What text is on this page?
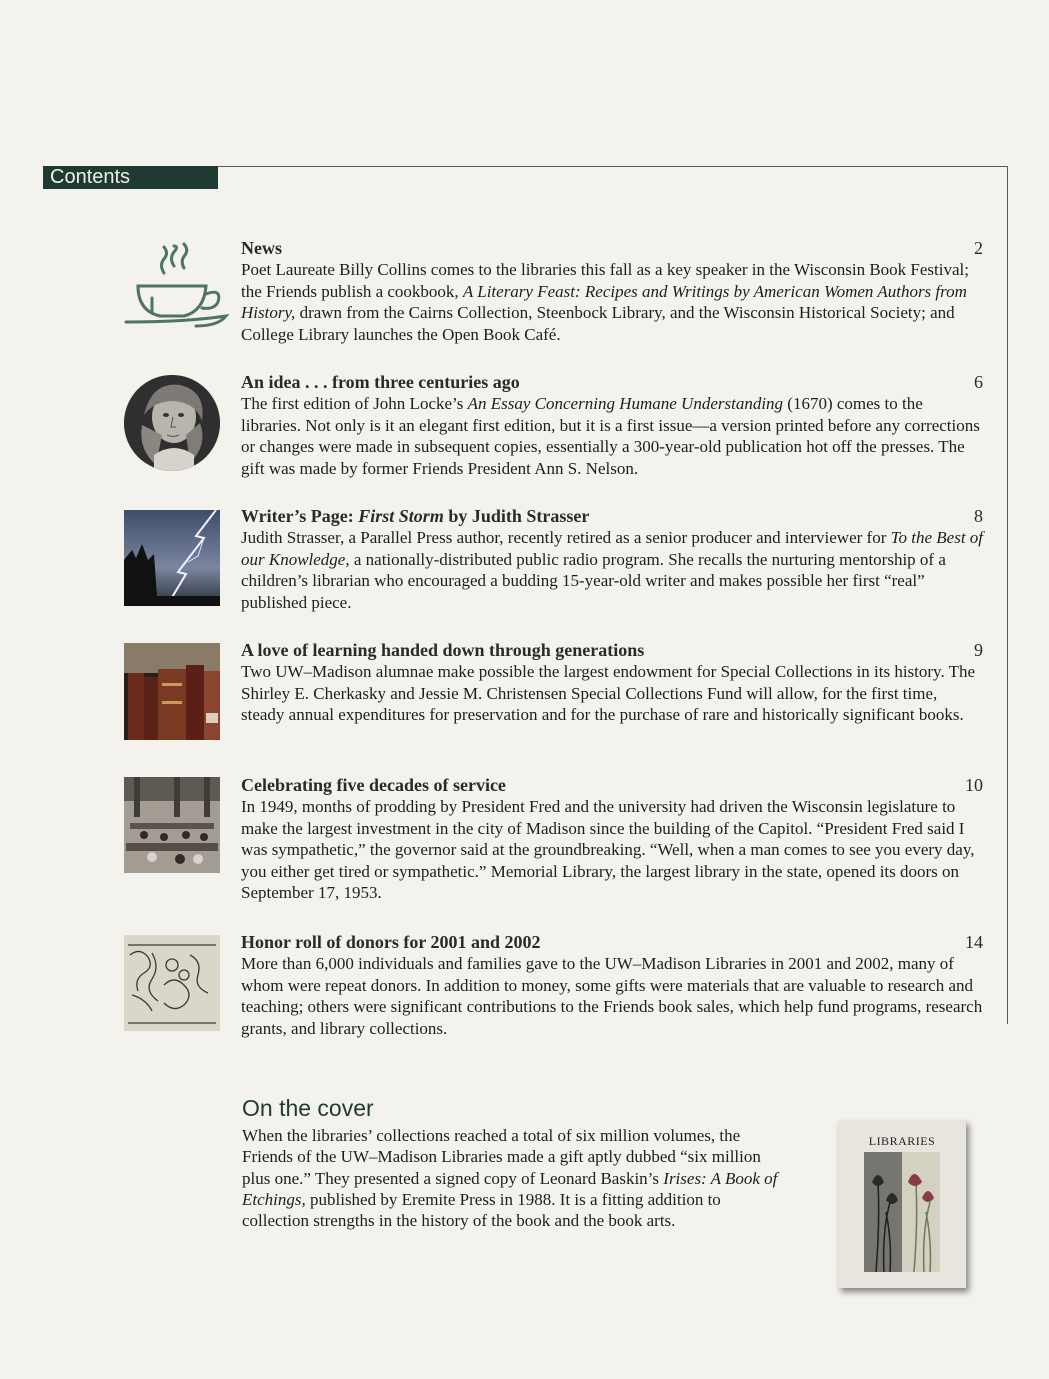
Contents
News	2
Poet Laureate Billy Collins comes to the libraries this fall as a key speaker in the Wisconsin Book Festival; the Friends publish a cookbook, A Literary Feast: Recipes and Writings by American Women Authors from History, drawn from the Cairns Collection, Steenbock Library, and the Wisconsin Historical Society; and College Library launches the Open Book Café.
An idea . . . from three centuries ago	6
The first edition of John Locke’s An Essay Concerning Humane Understanding (1670) comes to the libraries. Not only is it an elegant first edition, but it is a first issue—a version printed before any corrections or changes were made in subsequent copies, essentially a 300-year-old publication hot off the presses. The gift was made by former Friends President Ann S. Nelson.
Writer’s Page: First Storm by Judith Strasser	8
Judith Strasser, a Parallel Press author, recently retired as a senior producer and interviewer for To the Best of our Knowledge, a nationally-distributed public radio program. She recalls the nurturing mentorship of a children’s librarian who encouraged a budding 15-year-old writer and makes possible her first “real” published piece.
A love of learning handed down through generations	9
Two UW–Madison alumnae make possible the largest endowment for Special Collections in its history. The Shirley E. Cherkasky and Jessie M. Christensen Special Collections Fund will allow, for the first time, steady annual expenditures for preservation and for the purchase of rare and historically significant books.
Celebrating five decades of service	10
In 1949, months of prodding by President Fred and the university had driven the Wisconsin legislature to make the largest investment in the city of Madison since the building of the Capitol. “President Fred said I was sympathetic,” the governor said at the groundbreaking. “Well, when a man comes to see you every day, you either get tired or sympathetic.” Memorial Library, the largest library in the state, opened its doors on September 17, 1953.
Honor roll of donors for 2001 and 2002	14
More than 6,000 individuals and families gave to the UW–Madison Libraries in 2001 and 2002, many of whom were repeat donors. In addition to money, some gifts were materials that are valuable to research and teaching; others were significant contributions to the Friends book sales, which help fund programs, research grants, and library collections.
On the cover
When the libraries’ collections reached a total of six million volumes, the Friends of the UW–Madison Libraries made a gift aptly dubbed “six million plus one.” They presented a signed copy of Leonard Baskin’s Irises: A Book of Etchings, published by Eremite Press in 1988. It is a fitting addition to collection strengths in the history of the book and the book arts.
LIBRARIES
